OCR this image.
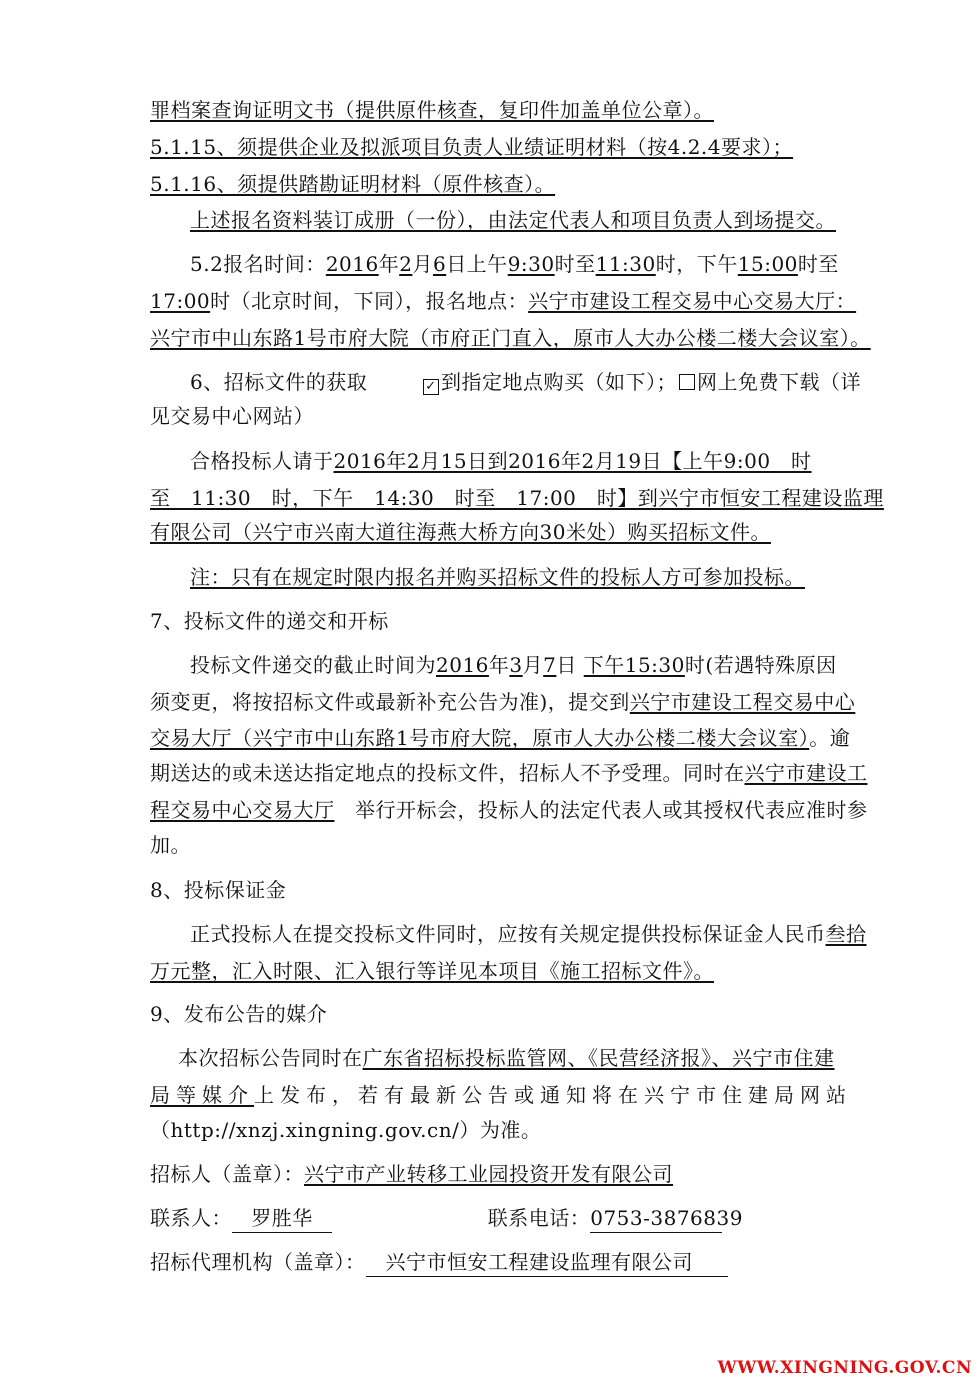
罪档案查询证明文书（提供原件核查，复印件加盖单位公章）。
5.1.15、须提供企业及拟派项目负责人业绩证明材料（按4.2.4要求）；
5.1.16、须提供踏勘证明材料（原件核查）。
上述报名资料装订成册（一份），由法定代表人和项目负责人到场提交。
5.2报名时间：2016年2月6日上午9:30时至11:30时，下午15:00时至
17:00时（北京时间，下同），报名地点：兴宁市建设工程交易中心交易大厅：
兴宁市中山东路1号市府大院（市府正门直入，原市人大办公楼二楼大会议室）。
6、招标文件的获取	✓ 到指定地点购买（如下）； 网上免费下载（详
见交易中心网站）
合格投标人请于2016年2月15日到2016年2月19日【上午9:00　时
至　11:30　时，下午　14:30　时至　17:00　时】到兴宁市恒安工程建设监理
有限公司（兴宁市兴南大道往海燕大桥方向30米处）购买招标文件。
注：只有在规定时限内报名并购买招标文件的投标人方可参加投标。
7、投标文件的递交和开标
投标文件递交的截止时间为2016年3月7日 下午15:30时(若遇特殊原因
须变更，将按招标文件或最新补充公告为准)，提交到兴宁市建设工程交易中心
交易大厅（兴宁市中山东路1号市府大院，原市人大办公楼二楼大会议室）。逾
期送达的或未送达指定地点的投标文件，招标人不予受理。同时在兴宁市建设工
程交易中心交易大厅　举行开标会，投标人的法定代表人或其授权代表应准时参
加。
8、投标保证金
正式投标人在提交投标文件同时，应按有关规定提供投标保证金人民币叁拾
万元整，汇入时限、汇入银行等详见本项目《施工招标文件》。
9、发布公告的媒介
本次招标公告同时在广东省招标投标监管网、《民营经济报》、兴宁市住建
局等媒介上发布，若有最新公告或通知将在兴宁市住建局网站
（http://xnzj.xingning.gov.cn/）为准。
招标人（盖章）：兴宁市产业转移工业园投资开发有限公司
联系人： 罗胜华	联系电话：0753-3876839
招标代理机构（盖章）： 兴宁市恒安工程建设监理有限公司
WWW.XINGNING.GOV.CN
